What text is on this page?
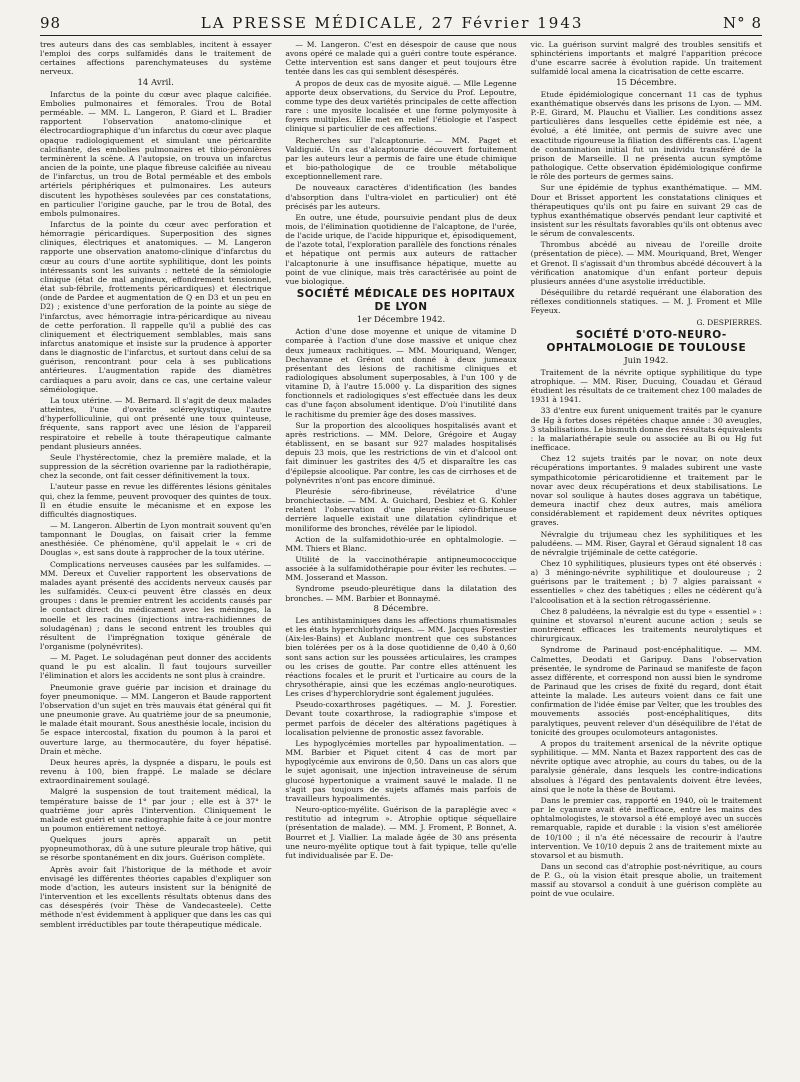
98	LA PRESSE MÉDICALE, 27 Février 1943	N° 8

tres auteurs dans des cas semblables, incitent à essayer l'emploi des corps sulfamidés dans le traitement de certaines affections parenchymateuses du système nerveux.

14 Avril.

Infarctus de la pointe du cœur avec plaque calcifiée. Embolies pulmonaires et fémorales. Trou de Botal perméable. — MM. L. Langeron, P. Giard et L. Bradier rapportent l'observation anatomo-clinique et électrocardiographique d'un infarctus du cœur avec plaque opaque radiologiquement et simulant une péricardite calcifiante, des embolies pulmonaires et tibio-péronières terminèrent la scène. A l'autopsie, on trouva un infarctus ancien de la pointe, une plaque fibreuse calcifiée au niveau de l'infarctus, un trou de Botal perméable et des embols artériels périphériques et pulmonaires. Les auteurs discutent les hypothèses soulevées par ces constatations, en particulier l'origine gauche, par le trou de Botal, des embols pulmonaires.

Infarctus de la pointe du cœur avec perforation et hémorragie péricardiques. Superposition des signes cliniques, électriques et anatomiques. — M. Langeron rapporte une observation anatomo-clinique d'infarctus du cœur au cours d'une aortite syphilitique, dont les points intéressants sont les suivants : netteté de la sémiologie clinique (état de mal angineux, effondrement tensionnel, état sub-fébrile, frottements péricardiques) et électrique (onde de Pardee et augmentation de Q en D3 et un peu en D2) ; existence d'une perforation de la pointe au siège de l'infarctus, avec hémorragie intra-péricardique au niveau de cette perforation. Il rappelle qu'il a publié des cas cliniquement et électriquement semblables, mais sans infarctus anatomique et insiste sur la prudence à apporter dans le diagnostic de l'infarctus, et surtout dans celui de sa guérison, rencontrant pour cela à ses publications antérieures. L'augmentation rapide des diamètres cardiaques a paru avoir, dans ce cas, une certaine valeur séméiologique.

La toux utérine. — M. Bernard. Il s'agit de deux malades atteintes, l'une d'ovarite scléreykystique, l'autre d'hyperfolliculinie, qui ont présenté une toux quinteuse, fréquente, sans rapport avec une lésion de l'appareil respiratoire et rebelle à toute thérapeutique calmante pendant plusieurs années.

Seule l'hystérectomie, chez la première malade, et la suppression de la sécrétion ovarienne par la radiothérapie, chez la seconde, ont fait cesser définitivement la toux.

L'auteur passe en revue les différentes lésions génitales qui, chez la femme, peuvent provoquer des quintes de toux. Il en étudie ensuite le mécanisme et en expose les difficultés diagnostiques.

— M. Langeron. Albertin de Lyon montrait souvent qu'en tamponnant le Douglas, on faisait crier la femme anesthésiée. Ce phénomène, qu'il appelait le « cri de Douglas », est sans doute à rapprocher de la toux utérine.

Complications nerveuses causées par les sulfamides. — MM. Dereux et Cuvelier rapportent les observations de malades ayant présenté des accidents nerveux causés par les sulfamidés. Ceux-ci peuvent être classés en deux groupes : dans le premier entrent les accidents causés par le contact direct du médicament avec les méninges, la moelle et les racines (injections intra-rachidiennes de soludagénan) ; dans le second entrent les troubles qui résultent de l'imprégnation toxique générale de l'organisme (polynévrites).

— M. Paget. Le soludagénan peut donner des accidents quand le pu est alcalin. Il faut toujours surveiller l'élimination et alors les accidents ne sont plus à craindre.

Pneumonie grave guérie par incision et drainage du foyer pneumonique. — MM. Langeron et Baude rapportent l'observation d'un sujet en très mauvais état général qui fit une pneumonie grave. Au quatrième jour de sa pneumonie, le malade était mourant. Sous anesthésie locale, incision du 5e espace intercostal, fixation du poumon à la paroi et ouverture large, au thermocautère, du foyer hépatisé. Drain et mèche.

Deux heures après, la dyspnée a disparu, le pouls est revenu à 100, bien frappé. Le malade se déclare extraordinairement soulagé.

Malgré la suspension de tout traitement médical, la température baisse de 1° par jour ; elle est à 37° le quatrième jour après l'intervention. Cliniquement le malade est guéri et une radiographie faite à ce jour montre un poumon entièrement nettoyé.

Quelques jours après apparaît un petit pyopneumothorax, dû à une suture pleurale trop hâtive, qui se résorbe spontanément en dix jours. Guérison complète.

Après avoir fait l'historique de la méthode et avoir envisagé les différentes théories capables d'expliquer son mode d'action, les auteurs insistent sur la bénignité de l'intervention et les excellents résultats obtenus dans des cas désespérés (voir Thèse de Vandecasteele). Cette méthode n'est évidemment à appliquer que dans les cas qui semblent irréductibles par toute thérapeutique médicale.

— M. Langeron. C'est en désespoir de cause que nous avons opéré ce malade qui a guéri contre toute espérance. Cette intervention est sans danger et peut toujours être tentée dans les cas qui semblent désespérés.

A propos de deux cas de myosite aiguë. — Mlle Legenne apporte deux observations, du Service du Prof. Lepoutre, comme type des deux variétés principales de cette affection rare : une myosite localisée et une forme polymyosite à foyers multiples. Elle met en relief l'étiologie et l'aspect clinique si particulier de ces affections.

Recherches sur l'alcaptonurie. — MM. Paget et Valdiguié. Un cas d'alcaptonurie découvert fortuitement par les auteurs leur a permis de faire une étude chimique et bio-pathologique de ce trouble métabolique exceptionnellement rare.

De nouveaux caractères d'identification (les bandes d'absorption dans l'ultra-violet en particulier) ont été précisés par les auteurs.

En outre, une étude, poursuivie pendant plus de deux mois, de l'élimination quotidienne de l'alcaptone, de l'urée, de l'acide urique, de l'acide hippurique et, épisodiquement, de l'azote total, l'exploration parallèle des fonctions rénales et hépatique ont permis aux auteurs de rattacher l'alcaptonurie à une insuffisance hépatique, muette au point de vue clinique, mais très caractérisée au point de vue biologique.

SOCIÉTÉ MÉDICALE DES HOPITAUX DE LYON

1er Décembre 1942.

Action d'une dose moyenne et unique de vitamine D comparée à l'action d'une dose massive et unique chez deux jumeaux rachitiques. — MM. Mouriquand, Wenger, Dechavanne et Grénot ont donné à deux jumeaux présentant des lésions de rachitisme cliniques et radiologiques absolument superposables, à l'un 100 γ de vitamine D, à l'autre 15.000 γ. La disparition des signes fonctionnels et radiologiques s'est effectuée dans les deux cas d'une façon absolument identique. D'où l'inutilité dans le rachitisme du premier âge des doses massives.

Sur la proportion des alcooliques hospitalisés avant et après restrictions. — MM. Delore, Grégoire et Augay établissent, en se basant sur 927 malades hospitalisés depuis 23 mois, que les restrictions de vin et d'alcool ont fait diminuer les gastrites des 4/5 et disparaître les cas d'épilepsie alcoolique. Par contre, les cas de cirrhoses et de polynévrites n'ont pas encore diminué.

Pleurésie séro-fibrineuse, révélatrice d'une bronchiectasie. — MM. A. Guichard, Desbiez et G. Kohler relatent l'observation d'une pleurésie séro-fibrineuse derrière laquelle existait une dilatation cylindrique et moniliforme des bronches, révélée par le lipiodol.

Action de la sulfamidothio-urée en ophtalmologie. — MM. Thiers et Blanc.

Utilité de la vaccinothérapie antipneumococcique associée à la sulfamidothérapie pour éviter les rechutes. — MM. Josserand et Masson.

Syndrome pseudo-pleurétique dans la dilatation des bronches. — MM. Barbier et Bonnaymé.

8 Décembre.

Les antihistaminiques dans les affections rhumatismales et les états hyperchlorhydriques. — MM. Jacques Forestier (Aix-les-Bains) et Aublanc montrent que ces substances bien tolérées per os à la dose quotidienne de 0,40 à 0,60 sont sans action sur les poussées articulaires, les crampes ou les crises de goutte. Par contre elles atténuent les réactions focales et le prurit et l'urticaire au cours de la chrysothérapie, ainsi que les eczémas anglo-neurotiques. Les crises d'hyperchlorydrie sont également jugulées.

Pseudo-coxarthroses pagétiques. — M. J. Forestier. Devant toute coxarthrose, la radiographie s'impose et permet parfois de déceler des altérations pagétiques à localisation pelvienne de pronostic assez favorable.

Les hypoglycémies mortelles par hypoalimentation. — MM. Barbier et Piquet citent 4 cas de mort par hypoglycémie aux environs de 0,50. Dans un cas alors que le sujet agonisait, une injection intraveineuse de sérum glucosé hypertonique a vraiment sauvé le malade. Il ne s'agit pas toujours de sujets affamés mais parfois de travailleurs hypoalimentés.

Neuro-optico-myélite. Guérison de la paraplégie avec « restitutio ad integrum ». Atrophie optique séquellaire (présentation de malade). — MM. J. Froment, P. Bonnet, A. Bourret et J. Viallier. La malade âgée de 30 ans présenta une neuro-myélite optique tout à fait typique, telle qu'elle fut individualisée par E. De-

vic. La guérison survint malgré des troubles sensitifs et sphinctériens importants et malgré l'apparition précoce d'une escarre sacrée à évolution rapide. Un traitement sulfamidé local amena la cicatrisation de cette escarre.

15 Décembre.

Etude épidémiologique concernant 11 cas de typhus exanthématique observés dans les prisons de Lyon. — MM. P.-E. Girard, M. Plauchu et Viallier. Les conditions assez particulières dans lesquelles cette épidémie est née, a évolué, a été limitée, ont permis de suivre avec une exactitude rigoureuse la filiation des différents cas. L'agent de contamination initial fut un individu transféré de la prison de Marseille. Il ne présenta aucun symptôme pathologique. Cette observation épidémiologique confirme le rôle des porteurs de germes sains.

Sur une épidémie de typhus exanthématique. — MM. Dour et Brisset apportent les constatations cliniques et thérapeutiques qu'ils ont pu faire en suivant 29 cas de typhus exanthématique observés pendant leur captivité et insistent sur les résultats favorables qu'ils ont obtenus avec le sérum de convalescents.

Thrombus abcédé au niveau de l'oreille droite (présentation de pièce). — MM. Mouriquand, Bret, Wenger et Grenot. Il s'agissait d'un thrombus abcédé découvert à la vérification anatomique d'un enfant porteur depuis plusieurs années d'une asystolie irréductible.

Déséquilibre du retardé requérant une élaboration des réflexes conditionnels statiques. — M. J. Froment et Mlle Feyeux.

G. DESPIERRES.

SOCIÉTÉ D'OTO-NEURO-OPHTALMOLOGIE DE TOULOUSE

Juin 1942.

Traitement de la névrite optique syphilitique du type atrophique. — MM. Riser, Ducuing, Couadau et Géraud étudient les résultats de ce traitement chez 100 malades de 1931 à 1941.

33 d'entre eux furent uniquement traités par le cyanure de Hg à fortes doses répétées chaque année : 30 aveugles, 3 stabilisations. Le bismuth donne des résultats équivalents : la malariathérapie seule ou associée au Bi ou Hg fut inefficace.

Chez 12 sujets traités par le novar, on note deux récupérations importantes. 9 malades subirent une vaste sympathicotomie péricarotidienne et traitement par le novar avec deux récupérations et deux stabilisations. Le novar sol soulique à hautes doses aggrava un tabétique, demeura inactif chez deux autres, mais améliora considérablement et rapidement deux névrites optiques graves.

Névralgie du trijumeau chez les syphilitiques et les paludéens. — MM. Riser, Gayral et Géraud signalent 18 cas de névralgie trijéminale de cette catégorie.

Chez 10 syphilitiques, plusieurs types ont été observés : a) 3 méningo-névrite syphilitique et douloureuse ; 2 guérisons par le traitement ; b) 7 algies paraissant « essentielles » chez des tabétiques ; elles ne cédèrent qu'à l'alcoolisation et à la section rétrogassérienne.

Chez 8 paludéens, la névralgie est du type « essentiel » : quinine et stovarsol n'eurent aucune action ; seuls se montrèrent efficaces les traitements neurolytiques et chirurgicaux.

Syndrome de Parinaud post-encéphalitique. — MM. Calmettes, Deodati et Garipuy. Dans l'observation présentée, le syndrome de Parinaud se manifeste de façon assez différente, et correspond non aussi bien le syndrome de Parinaud que les crises de fixité du regard, dont était atteinte la malade. Les auteurs voient dans ce fait une confirmation de l'idée émise par Velter, que les troubles des mouvements associés post-encéphalitiques, dits paralytiques, peuvent relever d'un déséquilibre de l'état de tonicité des groupes oculomoteurs antagonistes.

A propos du traitement arsenical de la névrite optique syphilitique. — MM. Nanta et Bazex rapportent des cas de névrite optique avec atrophie, au cours du tabes, ou de la paralysie générale, dans lesquels les contre-indications absolues à l'égard des pentavalents doivent être levées, ainsi que le note la thèse de Boutami.

Dans le premier cas, rapporté en 1940, où le traitement par le cyanure avait été inefficace, entre les mains des ophtalmologistes, le stovarsol a été employé avec un succès remarquable, rapide et durable : la vision s'est améliorée de 10/100 ; il n'a été nécessaire de recourir à l'autre intervention. Ve 10/10 depuis 2 ans de traitement mixte au stovarsol et au bismuth.

Dans un second cas d'atrophie post-névritique, au cours de P. G., où la vision était presque abolie, un traitement massif au stovarsol a conduit à une guérison complète au point de vue oculaire.
